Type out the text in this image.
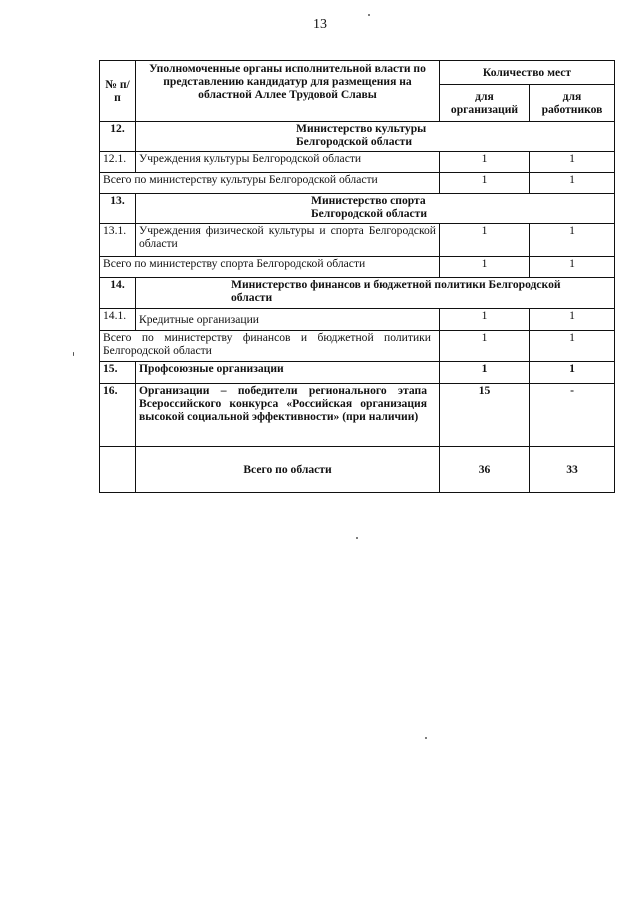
13
№ п/п	Уполномоченные органы исполнительной власти по представлению кандидатур для размещения на областной Аллее Трудовой Славы	Количество мест	
		для организаций	для работников
12.	Министерство культуры Белгородской области		
12.1.	Учреждения культуры Белгородской области	1	1
Всего по министерству культуры Белгородской области		1	1
13.	Министерство спорта Белгородской области		
13.1.	Учреждения физической культуры и спорта Белгородской области	1	1
Всего по министерству спорта Белгородской области		1	1
14.	Министерство финансов и бюджетной политики Белгородской области		
14.1.	Кредитные организации	1	1
Всего по министерству финансов и бюджетной политики Белгородской области		1	1
15.	Профсоюзные организации	1	1
16.	Организации – победители регионального этапа Всероссийского конкурса «Российская организация высокой социальной эффективности» (при наличии)	15	-
	Всего по области	36	33
